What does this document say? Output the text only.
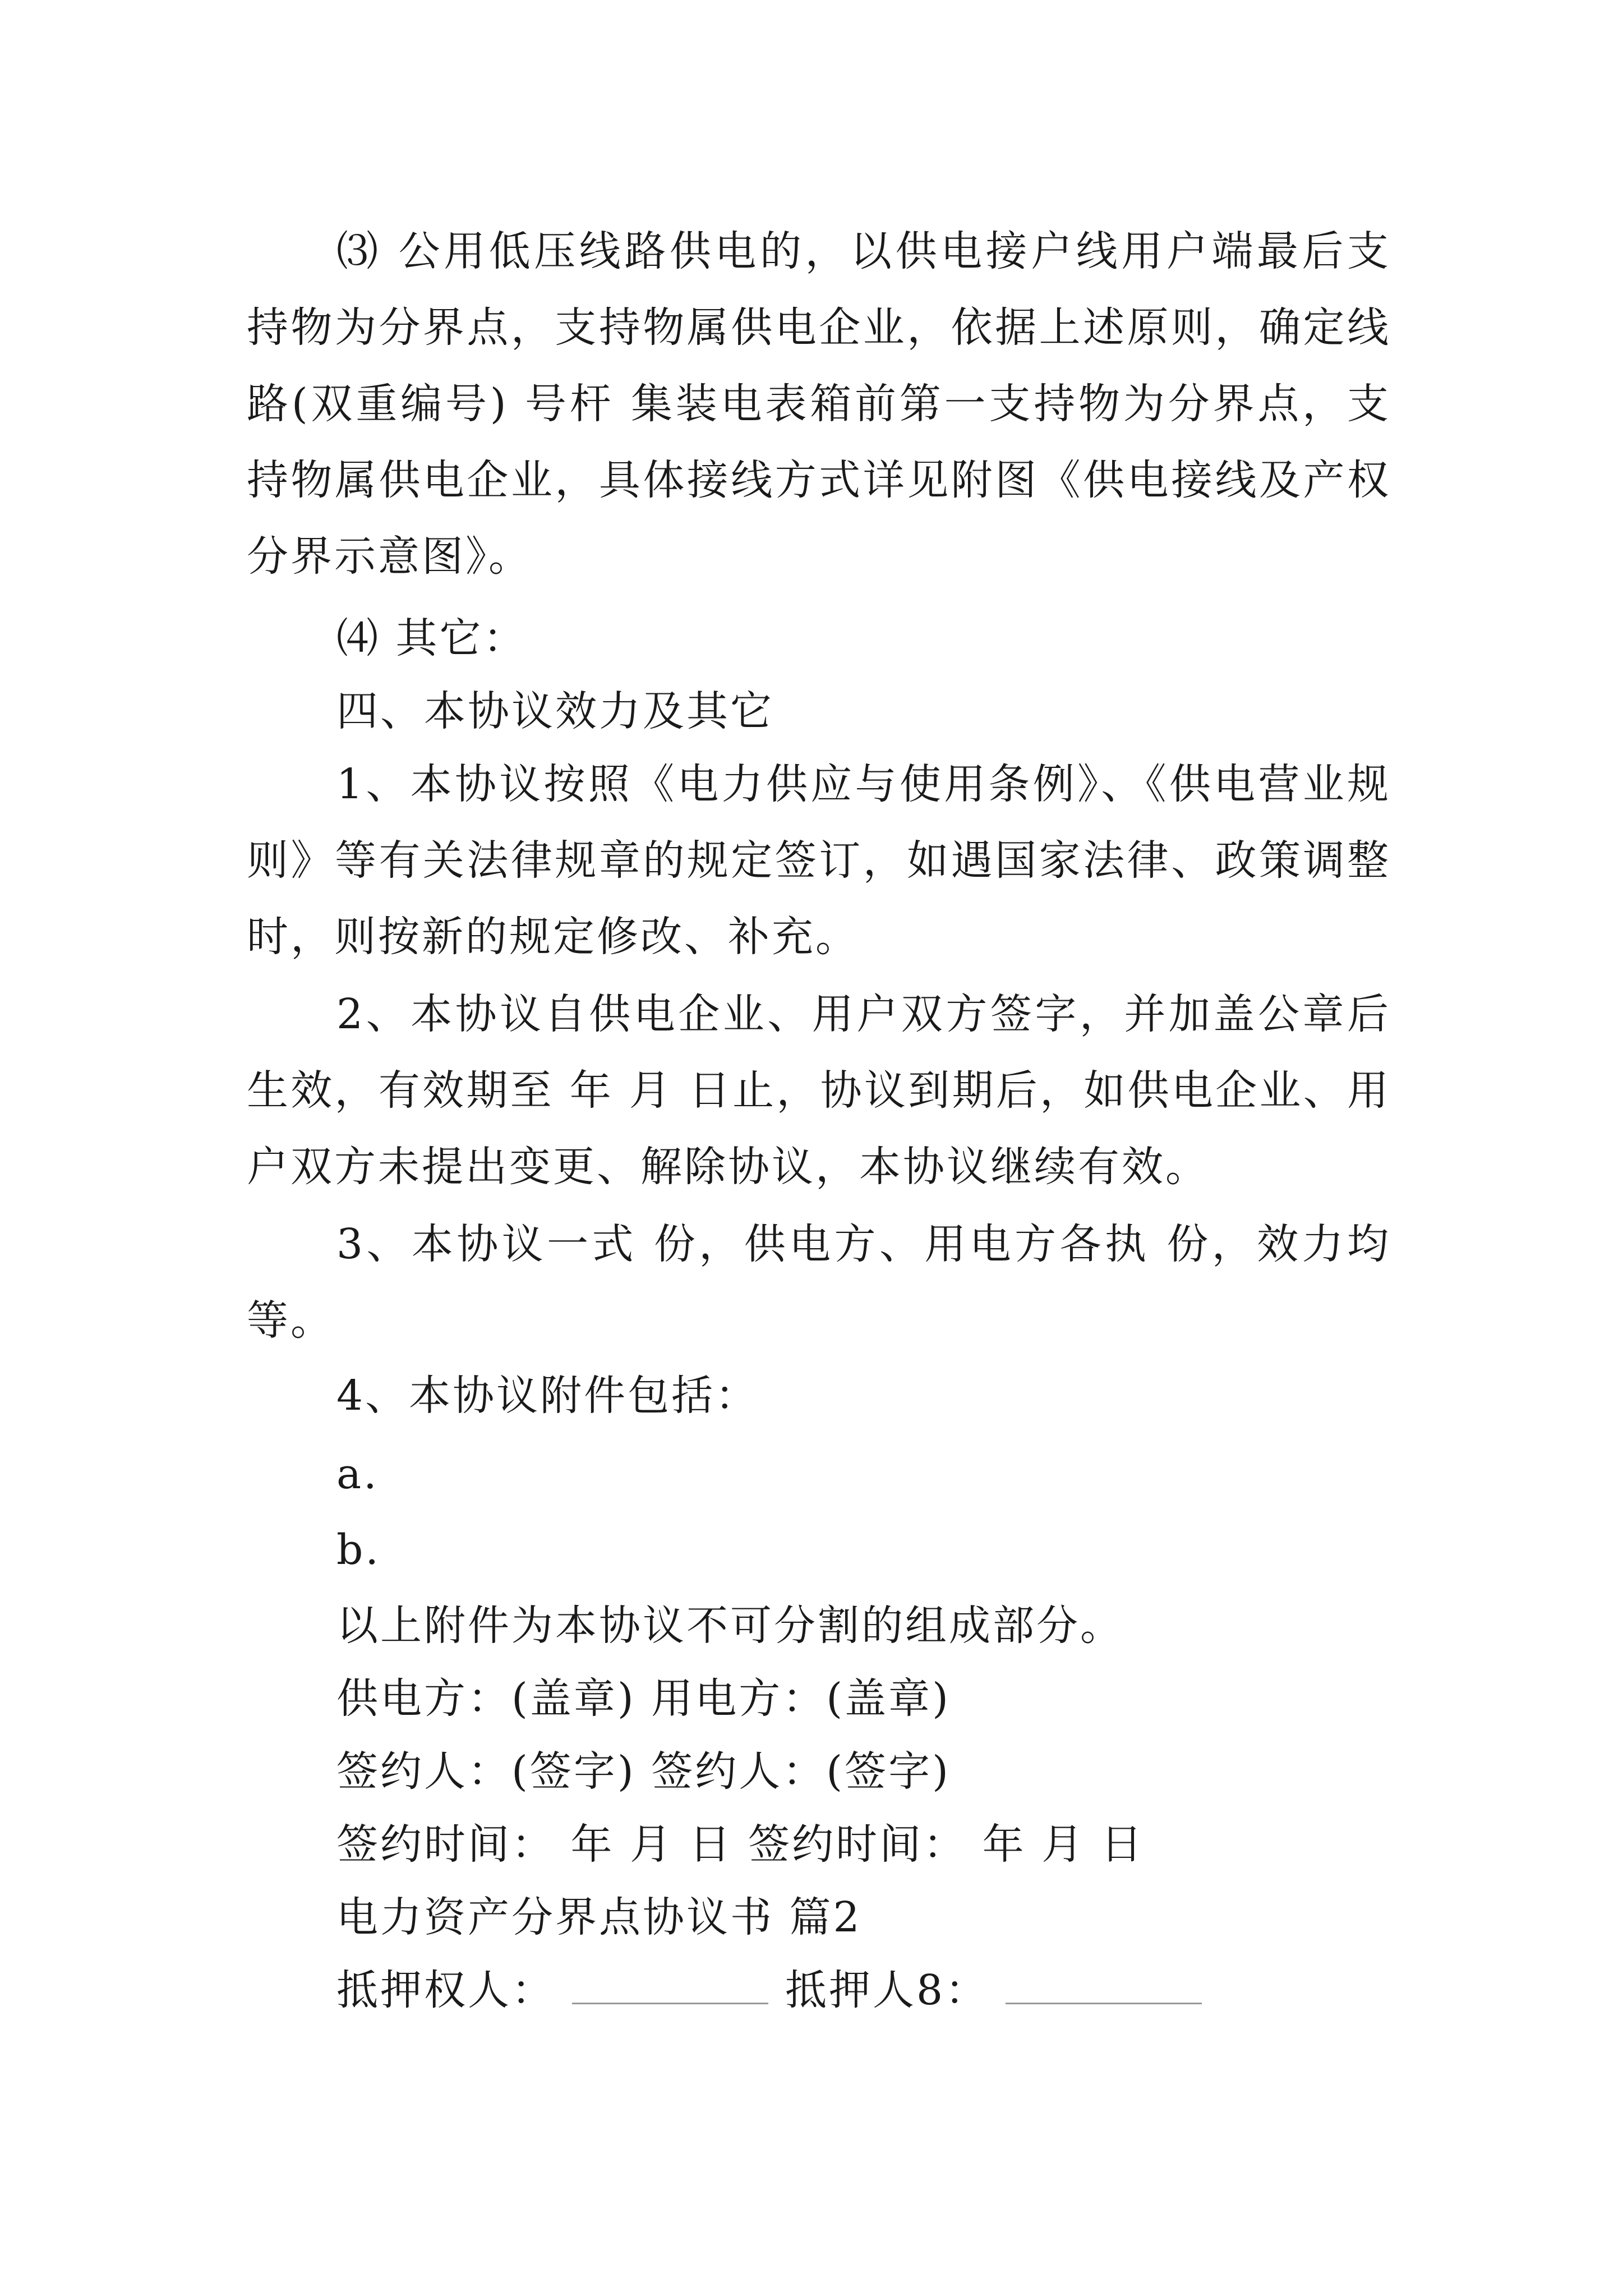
⑶ 公用低压线路供电的，以供电接户线用户端最后支持物为分界点，支持物属供电企业，依据上述原则，确定线路(双重编号) 号杆 集装电表箱前第一支持物为分界点，支持物属供电企业，具体接线方式详见附图《供电接线及产权分界示意图》。

⑷ 其它：

四、本协议效力及其它

1、本协议按照《电力供应与使用条例》、《供电营业规则》等有关法律规章的规定签订，如遇国家法律、政策调整时，则按新的规定修改、补充。

2、本协议自供电企业、用户双方签字，并加盖公章后生效，有效期至 年 月 日止，协议到期后，如供电企业、用户双方未提出变更、解除协议，本协议继续有效。

3、本协议一式 份，供电方、用电方各执 份，效力均等。

4、本协议附件包括：

a.

b.

以上附件为本协议不可分割的组成部分。

供电方：(盖章) 用电方：(盖章)

签约人：(签字) 签约人：(签字)

签约时间： 年 月 日 签约时间： 年 月 日

电力资产分界点协议书 篇2

抵押权人：	抵押人8：
